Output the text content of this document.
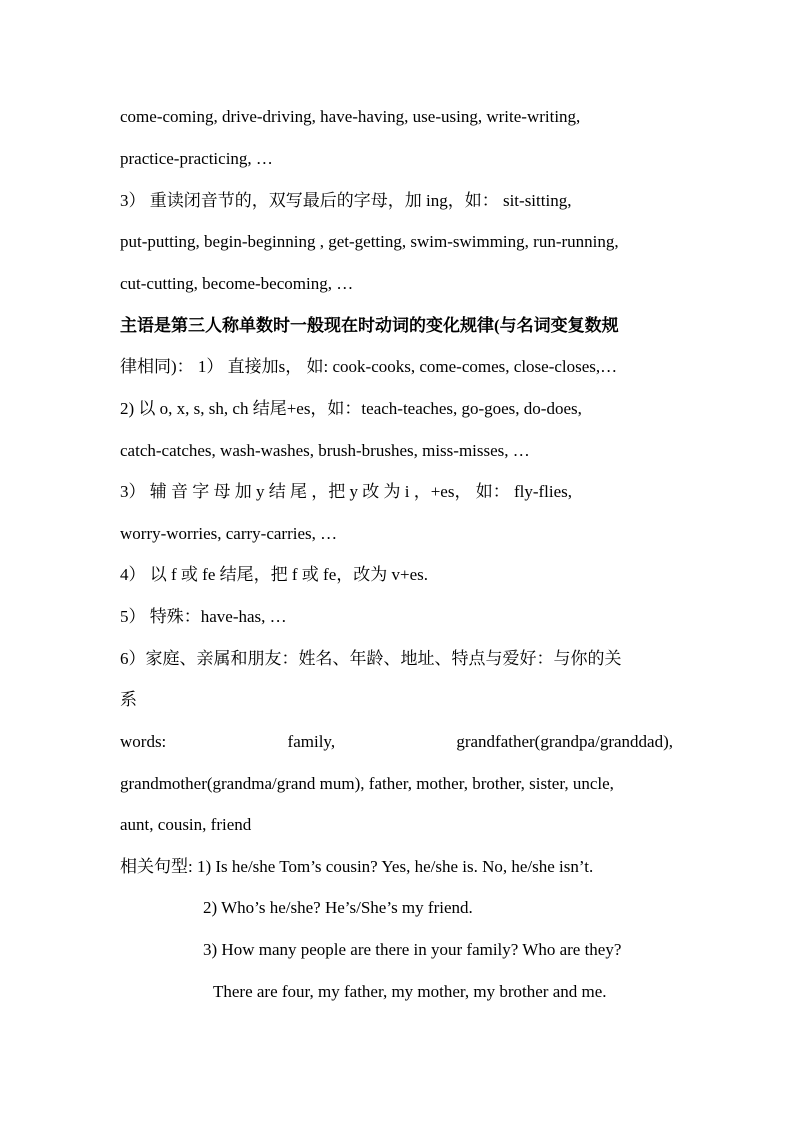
come-coming, drive-driving, have-having, use-using, write-writing,
practice-practicing, …
3） 重读闭音节的，双写最后的字母，加 ing，如： sit-sitting,
put-putting, begin-beginning , get-getting, swim-swimming, run-running,
cut-cutting, become-becoming, …
主语是第三人称单数时一般现在时动词的变化规律(与名词变复数规
律相同)： 1） 直接加s， 如: cook-cooks, come-comes, close-closes,…
2) 以 o, x, s, sh, ch 结尾+es，如：teach-teaches, go-goes, do-does,
catch-catches, wash-washes, brush-brushes, miss-misses, …
3） 辅 音 字 母 加 y 结 尾 ，把 y 改 为 i ，+es， 如： fly-flies,
worry-worries, carry-carries, …
4） 以 f 或 fe 结尾，把 f 或 fe，改为 v+es.
5） 特殊：have-has, …
6）家庭、亲属和朋友：姓名、年龄、地址、特点与爱好：与你的关
系
words:	family,	grandfather(grandpa/granddad),
grandmother(grandma/grand mum), father, mother, brother, sister, uncle,
aunt, cousin, friend
相关句型: 1) Is he/she Tom’s cousin? Yes, he/she is. No, he/she isn’t.
2) Who’s he/she? He’s/She’s my friend.
3) How many people are there in your family? Who are they?
There are four, my father, my mother, my brother and me.
